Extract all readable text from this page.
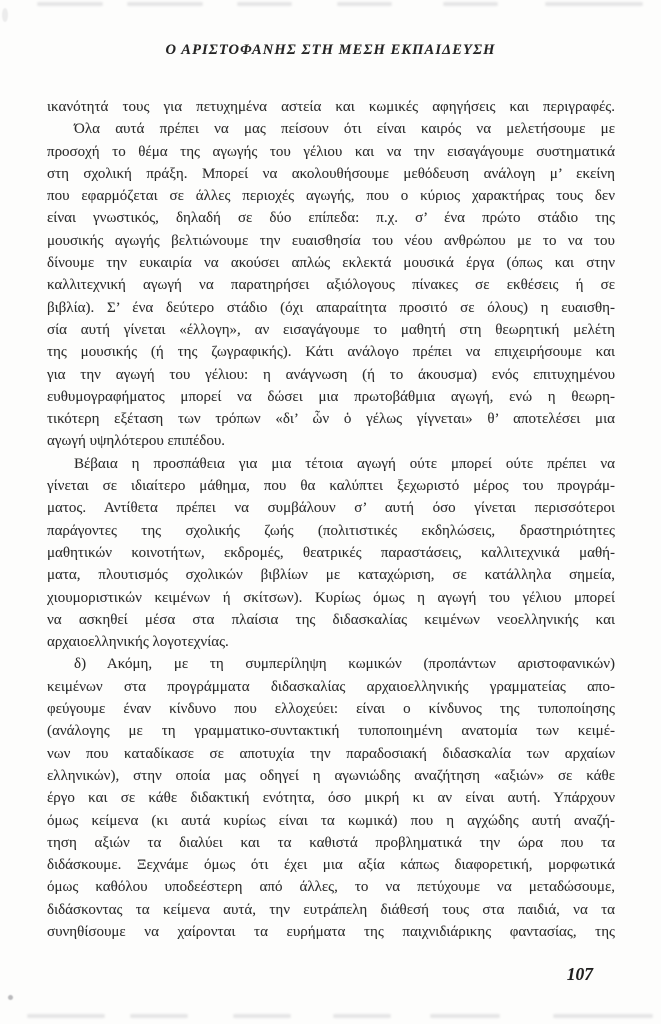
Ο ΑΡΙΣΤΟΦΑΝΗΣ ΣΤΗ ΜΕΣΗ ΕΚΠΑΙΔΕΥΣΗ
ικανότητά τους για πετυχημένα αστεία και κωμικές αφηγήσεις και περιγραφές.
Όλα αυτά πρέπει να μας πείσουν ότι είναι καιρός να μελετήσουμε με
προσοχή το θέμα της αγωγής του γέλιου και να την εισαγάγουμε συστηματικά
στη σχολική πράξη. Μπορεί να ακολουθήσουμε μεθόδευση ανάλογη μ’ εκείνη
που εφαρμόζεται σε άλλες περιοχές αγωγής, που ο κύριος χαρακτήρας τους δεν
είναι γνωστικός, δηλαδή σε δύο επίπεδα: π.χ. σ’ ένα πρώτο στάδιο της
μουσικής αγωγής βελτιώνουμε την ευαισθησία του νέου ανθρώπου με το να του
δίνουμε την ευκαιρία να ακούσει απλώς εκλεκτά μουσικά έργα (όπως και στην
καλλιτεχνική αγωγή να παρατηρήσει αξιόλογους πίνακες σε εκθέσεις ή σε
βιβλία). Σ’ ένα δεύτερο στάδιο (όχι απαραίτητα προσιτό σε όλους) η ευαισθη-
σία αυτή γίνεται «έλλογη», αν εισαγάγουμε το μαθητή στη θεωρητική μελέτη
της μουσικής (ή της ζωγραφικής). Κάτι ανάλογο πρέπει να επιχειρήσουμε και
για την αγωγή του γέλιου: η ανάγνωση (ή το άκουσμα) ενός επιτυχημένου
ευθυμογραφήματος μπορεί να δώσει μια πρωτοβάθμια αγωγή, ενώ η θεωρη-
τικότερη εξέταση των τρόπων «δι’ ὧν ὁ γέλως γίγνεται» θ’ αποτελέσει μια
αγωγή υψηλότερου επιπέδου.
Βέβαια η προσπάθεια για μια τέτοια αγωγή ούτε μπορεί ούτε πρέπει να
γίνεται σε ιδιαίτερο μάθημα, που θα καλύπτει ξεχωριστό μέρος του προγράμ-
ματος. Αντίθετα πρέπει να συμβάλουν σ’ αυτή όσο γίνεται περισσότεροι
παράγοντες της σχολικής ζωής (πολιτιστικές εκδηλώσεις, δραστηριότητες
μαθητικών κοινοτήτων, εκδρομές, θεατρικές παραστάσεις, καλλιτεχνικά μαθή-
ματα, πλουτισμός σχολικών βιβλίων με καταχώριση, σε κατάλληλα σημεία,
χιουμοριστικών κειμένων ή σκίτσων). Κυρίως όμως η αγωγή του γέλιου μπορεί
να ασκηθεί μέσα στα πλαίσια της διδασκαλίας κειμένων νεοελληνικής και
αρχαιοελληνικής λογοτεχνίας.
δ) Ακόμη, με τη συμπερίληψη κωμικών (προπάντων αριστοφανικών)
κειμένων στα προγράμματα διδασκαλίας αρχαιοελληνικής γραμματείας απο-
φεύγουμε έναν κίνδυνο που ελλοχεύει: είναι ο κίνδυνος της τυποποίησης
(ανάλογης με τη γραμματικο-συντακτική τυποποιημένη ανατομία των κειμέ-
νων που καταδίκασε σε αποτυχία την παραδοσιακή διδασκαλία των αρχαίων
ελληνικών), στην οποία μας οδηγεί η αγωνιώδης αναζήτηση «αξιών» σε κάθε
έργο και σε κάθε διδακτική ενότητα, όσο μικρή κι αν είναι αυτή. Υπάρχουν
όμως κείμενα (κι αυτά κυρίως είναι τα κωμικά) που η αγχώδης αυτή αναζή-
τηση αξιών τα διαλύει και τα καθιστά προβληματικά την ώρα που τα
διδάσκουμε. Ξεχνάμε όμως ότι έχει μια αξία κάπως διαφορετική, μορφωτικά
όμως καθόλου υποδεέστερη από άλλες, το να πετύχουμε να μεταδώσουμε,
διδάσκοντας τα κείμενα αυτά, την ευτράπελη διάθεσή τους στα παιδιά, να τα
συνηθίσουμε να χαίρονται τα ευρήματα της παιχνιδιάρικης φαντασίας, της
107
